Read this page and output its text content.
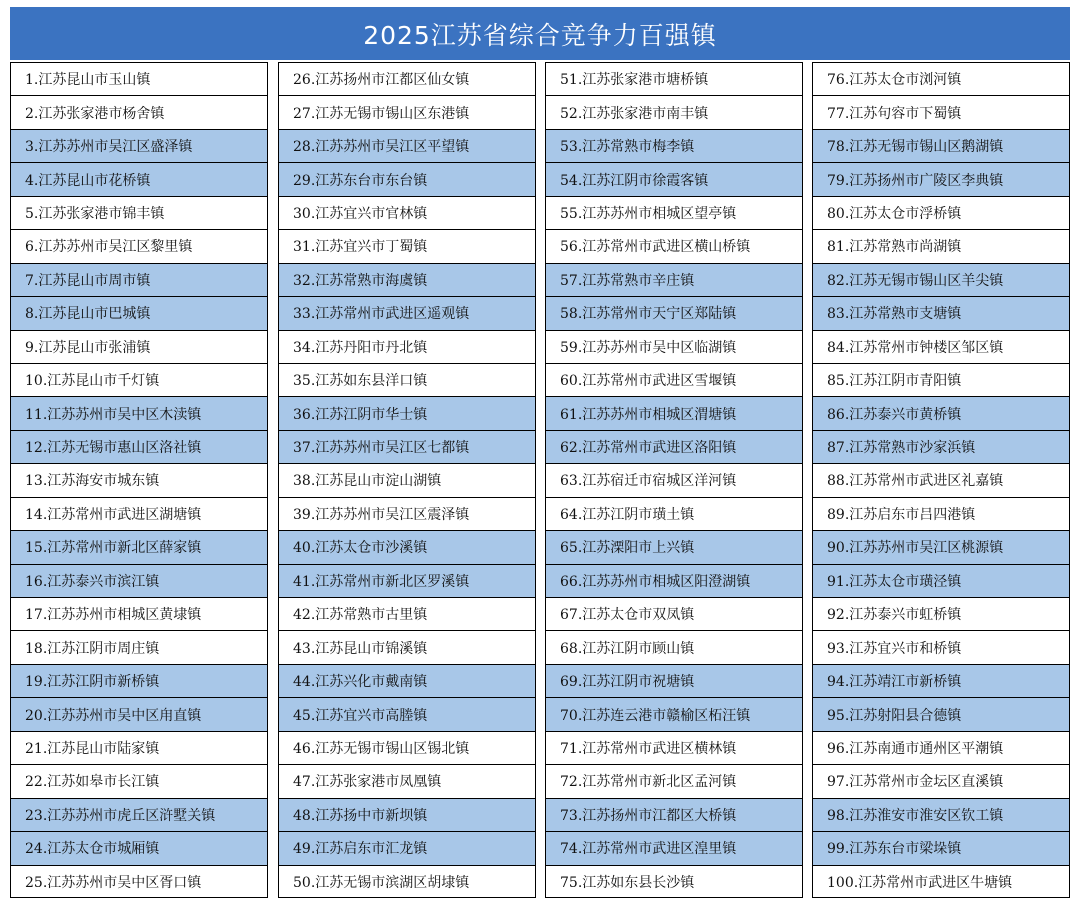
2025江苏省综合竞争力百强镇
1.江苏昆山市玉山镇
2.江苏张家港市杨舍镇
3.江苏苏州市吴江区盛泽镇
4.江苏昆山市花桥镇
5.江苏张家港市锦丰镇
6.江苏苏州市吴江区黎里镇
7.江苏昆山市周市镇
8.江苏昆山市巴城镇
9.江苏昆山市张浦镇
10.江苏昆山市千灯镇
11.江苏苏州市吴中区木渎镇
12.江苏无锡市惠山区洛社镇
13.江苏海安市城东镇
14.江苏常州市武进区湖塘镇
15.江苏常州市新北区薛家镇
16.江苏泰兴市滨江镇
17.江苏苏州市相城区黄埭镇
18.江苏江阴市周庄镇
19.江苏江阴市新桥镇
20.江苏苏州市吴中区甪直镇
21.江苏昆山市陆家镇
22.江苏如皋市长江镇
23.江苏苏州市虎丘区浒墅关镇
24.江苏太仓市城厢镇
25.江苏苏州市吴中区胥口镇
26.江苏扬州市江都区仙女镇
27.江苏无锡市锡山区东港镇
28.江苏苏州市吴江区平望镇
29.江苏东台市东台镇
30.江苏宜兴市官林镇
31.江苏宜兴市丁蜀镇
32.江苏常熟市海虞镇
33.江苏常州市武进区遥观镇
34.江苏丹阳市丹北镇
35.江苏如东县洋口镇
36.江苏江阴市华士镇
37.江苏苏州市吴江区七都镇
38.江苏昆山市淀山湖镇
39.江苏苏州市吴江区震泽镇
40.江苏太仓市沙溪镇
41.江苏常州市新北区罗溪镇
42.江苏常熟市古里镇
43.江苏昆山市锦溪镇
44.江苏兴化市戴南镇
45.江苏宜兴市高塍镇
46.江苏无锡市锡山区锡北镇
47.江苏张家港市凤凰镇
48.江苏扬中市新坝镇
49.江苏启东市汇龙镇
50.江苏无锡市滨湖区胡埭镇
51.江苏张家港市塘桥镇
52.江苏张家港市南丰镇
53.江苏常熟市梅李镇
54.江苏江阴市徐霞客镇
55.江苏苏州市相城区望亭镇
56.江苏常州市武进区横山桥镇
57.江苏常熟市辛庄镇
58.江苏常州市天宁区郑陆镇
59.江苏苏州市吴中区临湖镇
60.江苏常州市武进区雪堰镇
61.江苏苏州市相城区渭塘镇
62.江苏常州市武进区洛阳镇
63.江苏宿迁市宿城区洋河镇
64.江苏江阴市璜土镇
65.江苏溧阳市上兴镇
66.江苏苏州市相城区阳澄湖镇
67.江苏太仓市双凤镇
68.江苏江阴市顾山镇
69.江苏江阴市祝塘镇
70.江苏连云港市赣榆区柘汪镇
71.江苏常州市武进区横林镇
72.江苏常州市新北区孟河镇
73.江苏扬州市江都区大桥镇
74.江苏常州市武进区湟里镇
75.江苏如东县长沙镇
76.江苏太仓市浏河镇
77.江苏句容市下蜀镇
78.江苏无锡市锡山区鹅湖镇
79.江苏扬州市广陵区李典镇
80.江苏太仓市浮桥镇
81.江苏常熟市尚湖镇
82.江苏无锡市锡山区羊尖镇
83.江苏常熟市支塘镇
84.江苏常州市钟楼区邹区镇
85.江苏江阴市青阳镇
86.江苏泰兴市黄桥镇
87.江苏常熟市沙家浜镇
88.江苏常州市武进区礼嘉镇
89.江苏启东市吕四港镇
90.江苏苏州市吴江区桃源镇
91.江苏太仓市璜泾镇
92.江苏泰兴市虹桥镇
93.江苏宜兴市和桥镇
94.江苏靖江市新桥镇
95.江苏射阳县合德镇
96.江苏南通市通州区平潮镇
97.江苏常州市金坛区直溪镇
98.江苏淮安市淮安区钦工镇
99.江苏东台市梁垛镇
100.江苏常州市武进区牛塘镇
